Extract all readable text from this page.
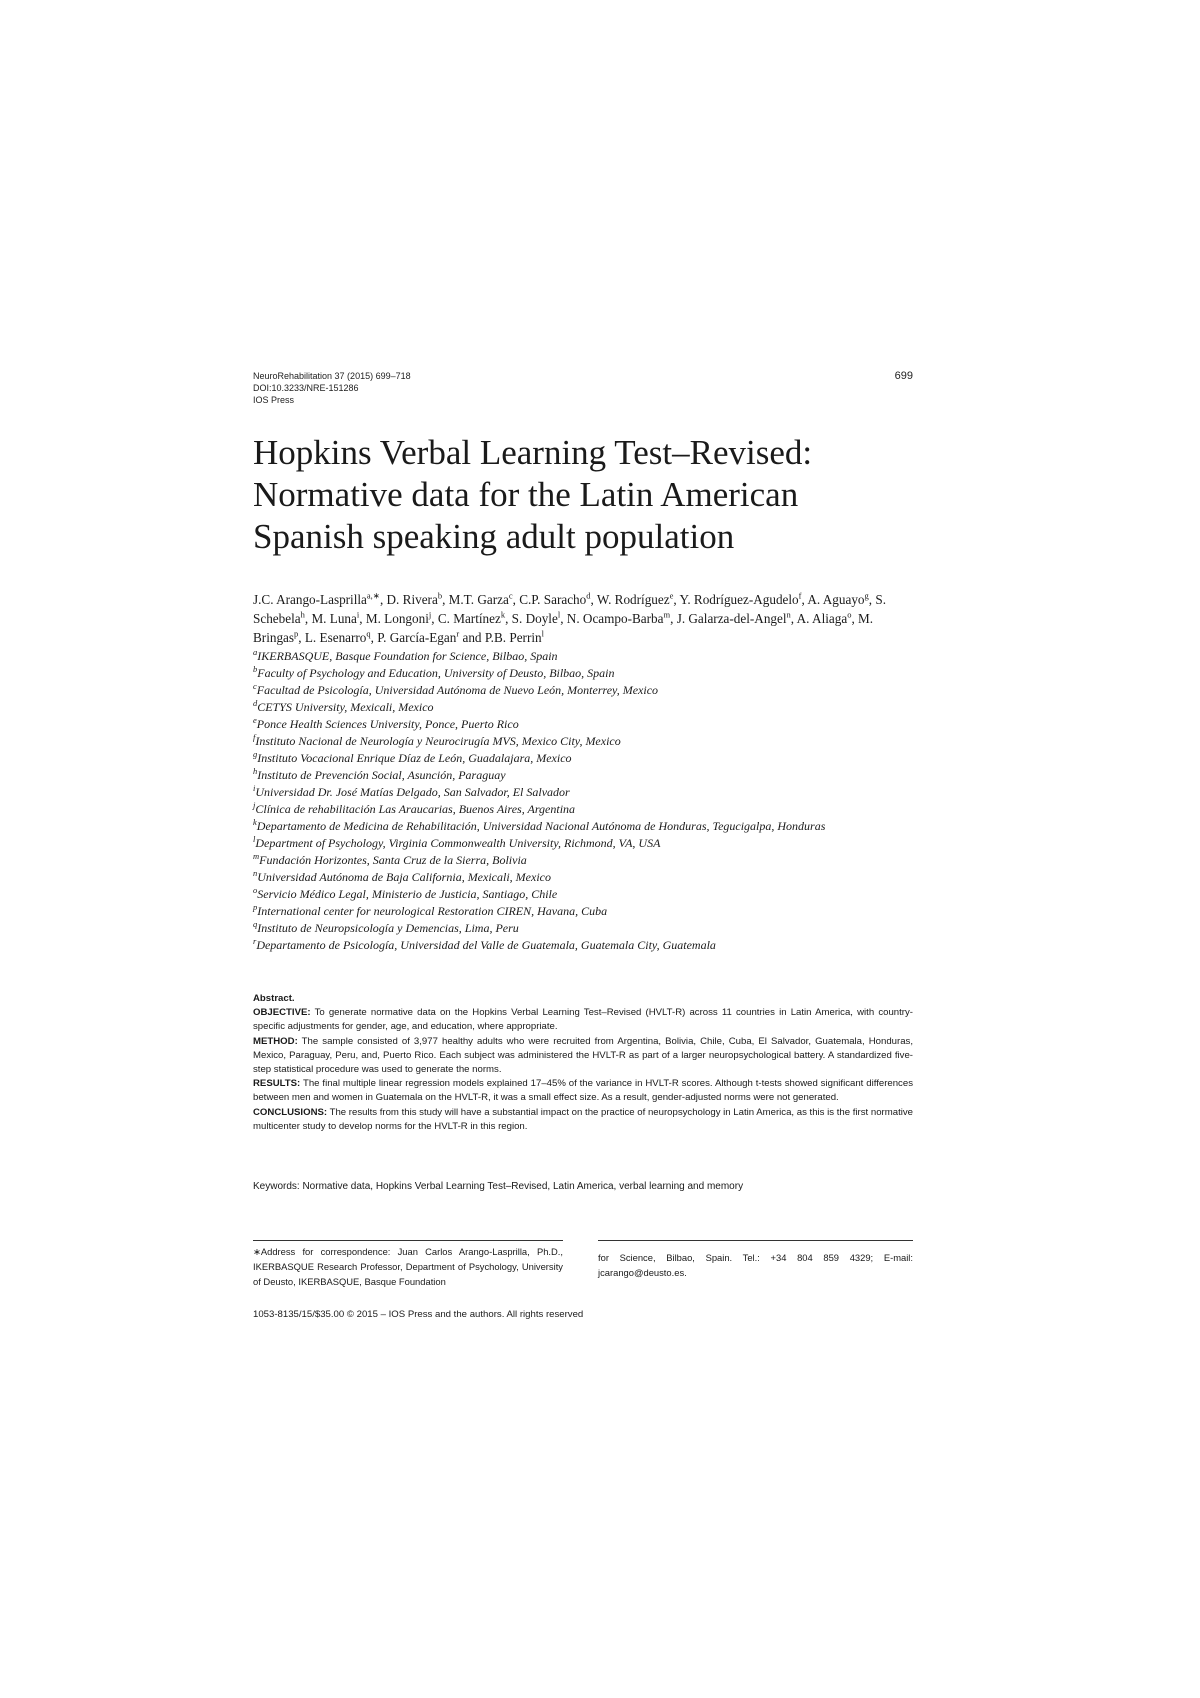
NeuroRehabilitation 37 (2015) 699–718
DOI:10.3233/NRE-151286
IOS Press
699
Hopkins Verbal Learning Test–Revised:
Normative data for the Latin American
Spanish speaking adult population
J.C. Arango-Lasprilla$^{a,∗}$, D. Rivera$^b$, M.T. Garza$^c$, C.P. Saracho$^d$, W. Rodríguez$^e$, Y. Rodríguez-Agudelo$^f$, A. Aguayo$^g$, S. Schebela$^h$, M. Luna$^i$, M. Longoni$^j$, C. Martínez$^k$, S. Doyle$^l$, N. Ocampo-Barba$^m$, J. Galarza-del-Angel$^n$, A. Aliaga$^o$, M. Bringas$^p$, L. Esenarro$^q$, P. García-Egan$^r$ and P.B. Perrin$^l$
$^a$IKERBASQUE, Basque Foundation for Science, Bilbao, Spain
$^b$Faculty of Psychology and Education, University of Deusto, Bilbao, Spain
$^c$Facultad de Psicología, Universidad Autónoma de Nuevo León, Monterrey, Mexico
$^d$CETYS University, Mexicali, Mexico
$^e$Ponce Health Sciences University, Ponce, Puerto Rico
$^f$Instituto Nacional de Neurología y Neurocirugía MVS, Mexico City, Mexico
$^g$Instituto Vocacional Enrique Díaz de León, Guadalajara, Mexico
$^h$Instituto de Prevención Social, Asunción, Paraguay
$^i$Universidad Dr. José Matías Delgado, San Salvador, El Salvador
$^j$Clínica de rehabilitación Las Araucarias, Buenos Aires, Argentina
$^k$Departamento de Medicina de Rehabilitación, Universidad Nacional Autónoma de Honduras, Tegucigalpa, Honduras
$^l$Department of Psychology, Virginia Commonwealth University, Richmond, VA, USA
$^m$Fundación Horizontes, Santa Cruz de la Sierra, Bolivia
$^n$Universidad Autónoma de Baja California, Mexicali, Mexico
$^o$Servicio Médico Legal, Ministerio de Justicia, Santiago, Chile
$^p$International center for neurological Restoration CIREN, Havana, Cuba
$^q$Instituto de Neuropsicología y Demencias, Lima, Peru
$^r$Departamento de Psicología, Universidad del Valle de Guatemala, Guatemala City, Guatemala

Abstract.

OBJECTIVE: To generate normative data on the Hopkins Verbal Learning Test–Revised (HVLT-R) across 11 countries in Latin America, with country-specific adjustments for gender, age, and education, where appropriate.

METHOD: The sample consisted of 3,977 healthy adults who were recruited from Argentina, Bolivia, Chile, Cuba, El Salvador, Guatemala, Honduras, Mexico, Paraguay, Peru, and, Puerto Rico. Each subject was administered the HVLT-R as part of a larger neuropsychological battery. A standardized five-step statistical procedure was used to generate the norms.

RESULTS: The final multiple linear regression models explained 17–45% of the variance in HVLT-R scores. Although t-tests showed significant differences between men and women in Guatemala on the HVLT-R, it was a small effect size. As a result, gender-adjusted norms were not generated.

CONCLUSIONS: The results from this study will have a substantial impact on the practice of neuropsychology in Latin America, as this is the first normative multicenter study to develop norms for the HVLT-R in this region.

Keywords: Normative data, Hopkins Verbal Learning Test–Revised, Latin America, verbal learning and memory
∗Address for correspondence: Juan Carlos Arango-Lasprilla, Ph.D., IKERBASQUE Research Professor, Department of Psychology, University of Deusto, IKERBASQUE, Basque Foundation
for Science, Bilbao, Spain. Tel.: +34 804 859 4329; E-mail: jcarango@deusto.es.
1053-8135/15/$35.00 © 2015 – IOS Press and the authors. All rights reserved
